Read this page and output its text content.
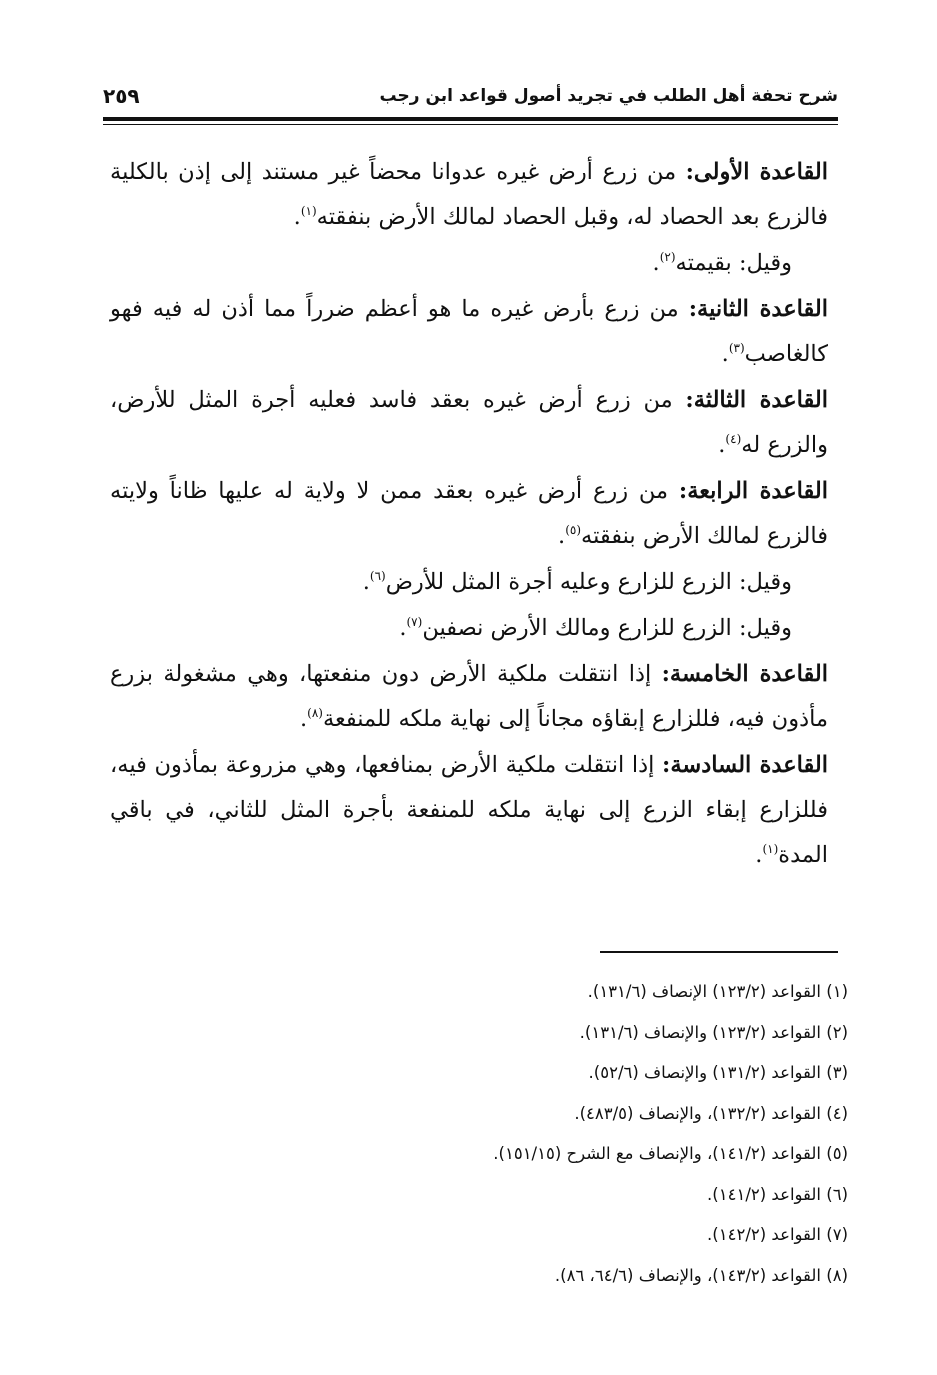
شرح تحفة أهل الطلب في تجريد أصول قواعد ابن رجب
٢٥٩

القاعدة الأولى: من زرع أرض غيره عدوانا محضاً غير مستند إلى إذن بالكلية فالزرع بعد الحصاد له، وقبل الحصاد لمالك الأرض بنفقته$^{(١)}$.

وقيل: بقيمته$^{(٢)}$.

القاعدة الثانية: من زرع بأرض غيره ما هو أعظم ضرراً مما أذن له فيه فهو كالغاصب$^{(٣)}$.

القاعدة الثالثة: من زرع أرض غيره بعقد فاسد فعليه أجرة المثل للأرض، والزرع له$^{(٤)}$.

القاعدة الرابعة: من زرع أرض غيره بعقد ممن لا ولاية له عليها ظاناً ولايته فالزرع لمالك الأرض بنفقته$^{(٥)}$.

وقيل: الزرع للزارع وعليه أجرة المثل للأرض$^{(٦)}$.

وقيل: الزرع للزارع ومالك الأرض نصفين$^{(٧)}$.

القاعدة الخامسة: إذا انتقلت ملكية الأرض دون منفعتها، وهي مشغولة بزرع مأذون فيه، فللزارع إبقاؤه مجاناً إلى نهاية ملكه للمنفعة$^{(٨)}$.

القاعدة السادسة: إذا انتقلت ملكية الأرض بمنافعها، وهي مزروعة بمأذون فيه، فللزارع إبقاء الزرع إلى نهاية ملكه للمنفعة بأجرة المثل للثاني، في باقي المدة$^{(١)}$.

(١) القواعد (١٢٣/٢) الإنصاف (١٣١/٦).

(٢) القواعد (١٢٣/٢) والإنصاف (١٣١/٦).

(٣) القواعد (١٣١/٢) والإنصاف (٥٢/٦).

(٤) القواعد (١٣٢/٢)، والإنصاف (٤٨٣/٥).

(٥) القواعد (١٤١/٢)، والإنصاف مع الشرح (١٥١/١٥).

(٦) القواعد (١٤١/٢).

(٧) القواعد (١٤٢/٢).

(٨) القواعد (١٤٣/٢)، والإنصاف (٦٤/٦، ٨٦).
